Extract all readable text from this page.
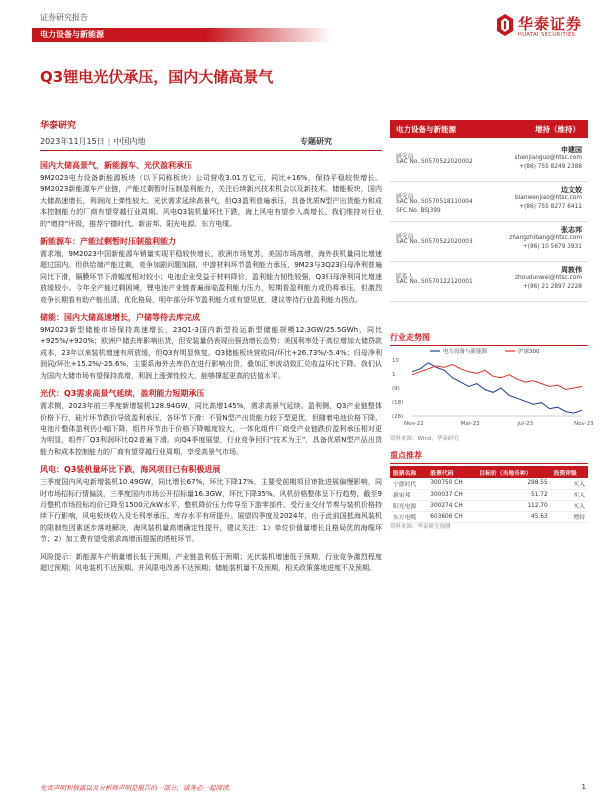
证券研究报告
电力设备与新能源
华泰证券
HUATAI SECURITIES
Q3锂电光伏承压，国内大储高景气
华泰研究
2023年11月15日 | 中国内地	专题研究
国内大储高景气，新能源车、光伏盈利承压

9M2023电力设备新能源板块（以下同称板块）公司营收3.01万亿元，同比+16%，保持平稳较快增长。9M2023新能源车产业链，产能过剩暂时压制盈利能力，关注后续新兴技术机会以及新技术。储能板块，国内大储高速增长，利润向上弹性较大。光伏需求延续高景气，但Q3盈利普遍承压，具备优质N型产出货能力和成本控制能力的厂商有望穿越行业周期。风电Q3装机量环比下跌，海上风电有望步入高增长。我们维持对行业的“增持”评级，推荐宁德时代、新宙邦、阳光电源、东方电缆。

新能源车：产能过剩暂时压制盈利能力

需求端，9M2023中国新能源车销量实现平稳较快增长，欧洲市场复苏，美国市场高增，海外获机量同比增速超过国内。但供给端产能过剩，竞争加剧问题加剧，中游材料环节盈利能力承压，9M23与3Q23归母净利普遍同比下滑，隔膜环节下滑幅度相对较小；电池企业受益于材料降价，盈利能力韧性较强，Q3归母净利同比增速放缓较小。今年全产能过剩困境，锂电池产业链普遍面临盈利能力压力，短期看盈利能力或仍将承压，但激烈竞争长期看有助产能出清、优化格局，明年部分环节盈利能力或有望见底，建议等待行业盈利能力拐点。

储能：国内大储高速增长，户储等待去库完成

9M2023新型储能市场保持高速增长，23Q1-3国内新型投运新型储能规模12.3GW/25.5GWh，同比+925%/+920%；欧洲户储去库影响出货，但安装量仍表现出强劲增长态势；美国利率处于高位增加大储贷款成本，23年以来装机增速有所放缓，但Q3有明显恢复。Q3储能板块营收同/环比+26.73%/-5.4%；归母净利润同/环比+15.2%/-25.6%，主要系海外去库仍在进行影响出货，叠加汇率波动致汇兑收益环比下降。我们认为国内大储市场有望保持高增，利润上涨弹性较大，能够撑起更高的估值水平。

光伏：Q3需求高景气延续，盈利能力短期承压

需求侧，2023年前三季度新增装机128.94GW，同比高增145%，需求高景气延续。盈利侧，Q3产业链整体价格下行，硅片环节跌价导致盈利承压，各环节下滑：不管N型产出货能力较下型更优，但随着电池价格下降，电池片整体盈利仍小幅下降，组件环节由于价格下降幅度较大，一体化组件厂商受产业链跌价盈利承压相对更为明显，组件厂Q3利润环比Q2普遍下滑。向Q4季度展望，行业竞争回归“技术为王”，具备优质N型产品出货能力和成本控制能力的厂商有望穿越行业周期，享受高景气市场。

风电：Q3装机量环比下跌，海风项目已有积极进展

三季度国内风电新增装机10.49GW，同比增长67%，环比下降17%，主要受前期项目审批进展偏慢影响，同时市场招标行情偏淡，三季度国内市场公开招标量16.3GW，环比下降35%。风机价格整体呈下行趋势，截至9月整机市场投标均价已降至1500元/kW水平，整机降价压力传导至下游零部件。受行业交付节奏与装机价格持续下行影响，风电板块收入及毛利率承压，库存水平有所提升。展望四季度及2024年，由于此前国抵海风装机的限制性因素逐步落地解决，海风装机量高增确定性提升，建议关注：1）单位价值量增长且格局优的海缆环节；2）加工费有望受需求高增而提振的塔桩环节。

风险提示：新能源车产销量增长低于预期，产业链盈利低于预期；光伏装机增速低于预期，行业竞争激烈程度超过预期；风电装机不达预期、并风限电改善不达预期；储能装机量不及预期，相关政策落地进度不及预期。

电力设备与新能源	增持（维持）
申建国
研究员
SAC No. S0570522020002
shenjianguo@htsc.com
+(86) 755 8249 2388
边文姣
研究员
SAC No. S0570518110004
SFC No. BSJ399
bianwenjiao@htsc.com
+(86) 755 8277 6411
张志邦
研究员
SAC No. S0570522020003
zhangzhibang@htsc.com
+(86) 10 5679 3931
周敦伟
联系人
SAC No. S0570122120001
zhoudunwei@htsc.com
+(86) 21 2897 2228
行业走势图
10
1
(9)
(18)
(28)
Nov-22	Mar-23	Jul-23	Nov-23
电力设备与新能源	沪深300
资料来源：Wind，华泰研究
重点推荐
股票名称	股票代码	目标价（当地币种）	投资评级
宁德时代	300750 CH	298.55	买入
新宙邦	300037 CH	51.72	买入
阳光电源	300274 CH	112.70	买入
东方电缆	603606 CH	45.63	增持
资料来源：华泰研究预测
免责声明和披露以及分析师声明是报告的一部分，请务必一起阅读。	1
